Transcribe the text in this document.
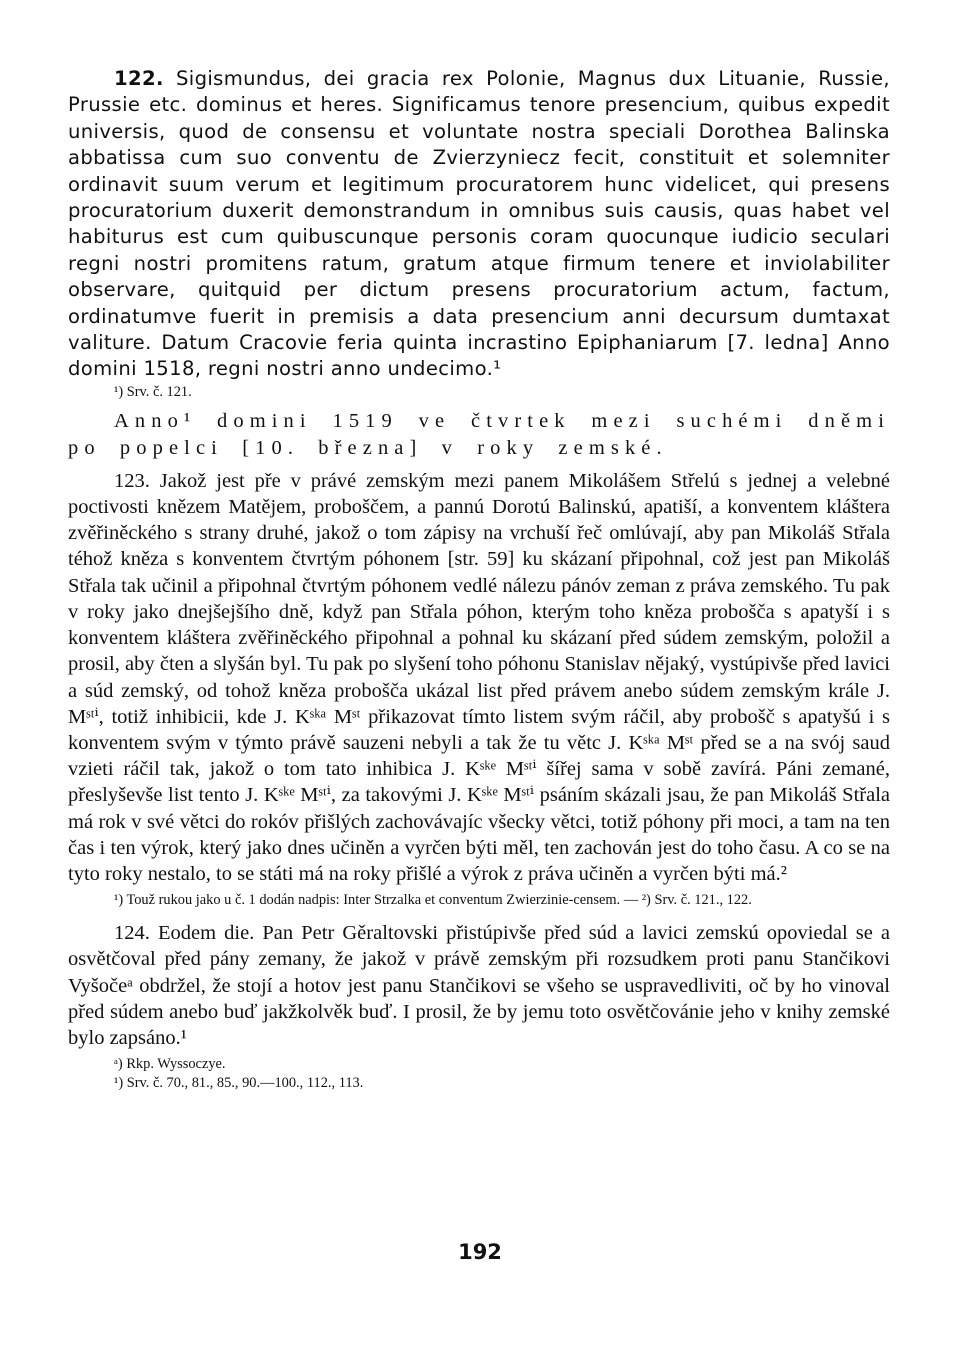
122. Sigismundus, dei gracia rex Polonie, Magnus dux Lituanie, Russie, Prussie etc. dominus et heres. Significamus tenore presencium, quibus expedit universis, quod de consensu et voluntate nostra speciali Dorothea Balinska abbatissa cum suo conventu de Zvierzyniecz fecit, constituit et solemniter ordinavit suum verum et legitimum procuratorem hunc videlicet, qui presens procuratorium duxerit demonstrandum in omnibus suis causis, quas habet vel habiturus est cum quibuscunque personis coram quocunque iudicio seculari regni nostri promitens ratum, gratum atque firmum tenere et inviolabiliter observare, quitquid per dictum presens procuratorium actum, factum, ordinatumve fuerit in premisis a data presencium anni decursum dumtaxat valiture. Datum Cracovie feria quinta incrastino Epiphaniarum [7. ledna] Anno domini 1518, regni nostri anno undecimo.¹

¹) Srv. č. 121.

Anno¹ domini 1519 ve čtvrtek mezi suchémi dněmi po popelci [10. března] v roky zemské.

123. Jakož jest pře v právé zemským mezi panem Mikolášem Střelú s jednej a velebné poctivosti knězem Matějem, proboščem, a pannú Dorotú Balinskú, apatiší, a konventem kláštera zvěřiněckého s strany druhé, jakož o tom zápisy na vrchuší řeč omlúvají, aby pan Mikoláš Střala téhož kněza s konventem čtvrtým póhonem [str. 59] ku skázaní připohnal, což jest pan Mikoláš Střala tak učinil a připohnal čtvrtým póhonem vedlé nálezu pánóv zeman z práva zemského. Tu pak v roky jako dnejšejšího dně, když pan Střala póhon, kterým toho kněza probošča s apatyší i s konventem kláštera zvěřiněckého připohnal a pohnal ku skázaní před súdem zemským, položil a prosil, aby čten a slyšán byl. Tu pak po slyšení toho póhonu Stanislav nějaký, vystúpivše před lavici a súd zemský, od tohož kněza probošča ukázal list před právem anebo súdem zemským krále J. Mˢᵗⁱ, totiž inhibicii, kde J. Kˢᵏᵃ Mˢᵗ přikazovat tímto listem svým ráčil, aby probošč s apatyšú i s konventem svým v týmto právě sauzeni nebyli a tak že tu větc J. Kˢᵏᵃ Mˢᵗ před se a na svój saud vzieti ráčil tak, jakož o tom tato inhibica J. Kˢᵏᵉ Mˢᵗⁱ šířej sama v sobě zavírá. Páni zemané, přeslyševše list tento J. Kˢᵏᵉ Mˢᵗⁱ, za takovými J. Kˢᵏᵉ Mˢᵗⁱ psáním skázali jsau, že pan Mikoláš Střala má rok v své větci do rokóv přišlých zachovávajíc všecky větci, totiž póhony při moci, a tam na ten čas i ten výrok, který jako dnes učiněn a vyrčen býti měl, ten zachován jest do toho času. A co se na tyto roky nestalo, to se státi má na roky přišlé a výrok z práva učiněn a vyrčen býti má.²

¹) Touž rukou jako u č. 1 dodán nadpis: Inter Strzalka et conventum Zwierzinie-censem. — ²) Srv. č. 121., 122.

124. Eodem die. Pan Petr Gěraltovski přistúpivše před súd a lavici zemskú opoviedal se a osvětčoval před pány zemany, že jakož v právě zemským při rozsudkem proti panu Stančikovi Vyšočeᵃ obdržel, že stojí a hotov jest panu Stančikovi se všeho se uspravedliviti, oč by ho vinoval před súdem anebo buď jakžkolvěk buď. I prosil, že by jemu toto osvětčovánie jeho v knihy zemské bylo zapsáno.¹

ᵃ) Rkp. Wyssoczye.

¹) Srv. č. 70., 81., 85., 90.—100., 112., 113.

192
